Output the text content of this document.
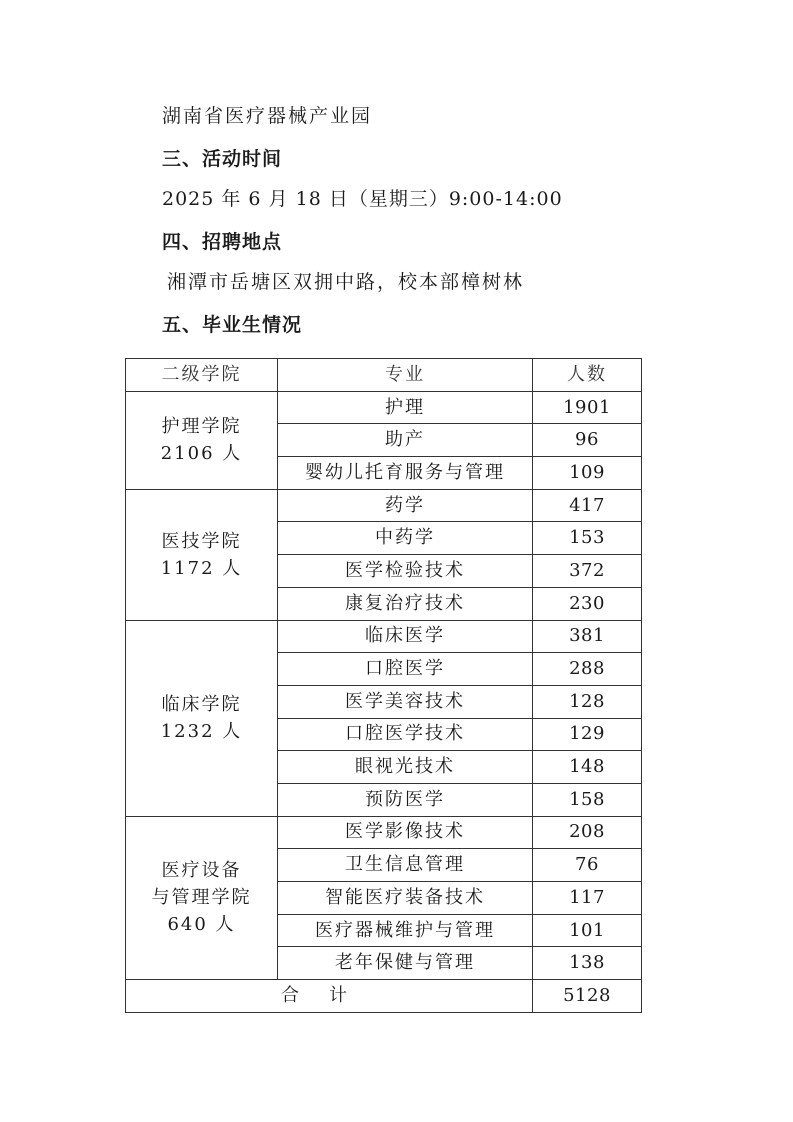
湖南省医疗器械产业园
三、活动时间
2025 年 6 月 18 日（星期三）9:00-14:00
四、招聘地点
湘潭市岳塘区双拥中路，校本部樟树林
五、毕业生情况
二级学院	专业	人数
护理学院
2106 人	护理	1901
	助产	96
	婴幼儿托育服务与管理	109
医技学院
1172 人	药学	417
	中药学	153
	医学检验技术	372
	康复治疗技术	230
临床学院
1232 人	临床医学	381
	口腔医学	288
	医学美容技术	128
	口腔医学技术	129
	眼视光技术	148
	预防医学	158
医疗设备
与管理学院
640 人	医学影像技术	208
	卫生信息管理	76
	智能医疗装备技术	117
	医疗器械维护与管理	101
	老年保健与管理	138
合计		5128
